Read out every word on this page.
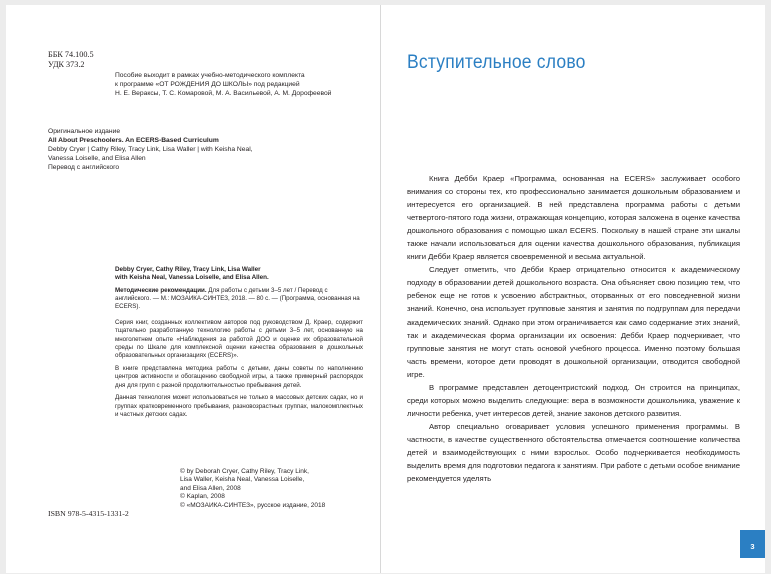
ББК 74.100.5
УДК 373.2
Пособие выходит в рамках учебно-методического комплекта
к программе «ОТ РОЖДЕНИЯ ДО ШКОЛЫ» под редакцией
Н. Е. Вераксы, Т. С. Комаровой, М. А. Васильевой, А. М. Дорофеевой
Оригинальное издание
All About Preschoolers. An ECERS-Based Curriculum
Debby Cryer | Cathy Riley, Tracy Link, Lisa Waller | with Keisha Neal,
Vanessa Loiselle, and Elisa Allen
Перевод с английского
Debby Cryer, Cathy Riley, Tracy Link, Lisa Waller
with Keisha Neal, Vanessa Loiselle, and Elisa Allen.
Методические рекомендации. Для работы с детьми 3–5 лет / Перевод с английского. — М.: МОЗАИКА-СИНТЕЗ, 2018. — 80 с. — (Программа, основанная на ECERS).

Серия книг, созданных коллективом авторов под руководством Д. Краер, содержит тщательно разработанную технологию работы с детьми 3–5 лет, основанную на многолетнем опыте «Наблюдения за работой ДОО и оценке их образовательной среды по Шкале для комплексной оценки качества образования в дошкольных образовательных организациях (ECERS)».

В книге представлена методика работы с детьми, даны советы по наполнению центров активности и обогащению свободной игры, а также примерный распорядок дня для групп с разной продолжительностью пребывания детей.

Данная технология может использоваться не только в массовых детских садах, но и группах кратковременного пребывания, разновозрастных группах, малокомплектных и частных детских садах.

© by Deborah Cryer, Cathy Riley, Tracy Link,
Lisa Waller, Keisha Neal, Vanessa Loiselle,
and Elisa Allen, 2008
© Kaplan, 2008
© «МОЗАИКА-СИНТЕЗ», русское издание, 2018
ISBN 978-5-4315-1331-2
Вступительное слово

Книга Дебби Краер «Программа, основанная на ECERS» заслуживает особого внимания со стороны тех, кто профессионально занимается дошкольным образованием и интересуется его организацией. В ней представлена программа работы с детьми четвертого-пятого года жизни, отражающая концепцию, которая заложена в оценке качества дошкольного образования с помощью шкал ECERS. Поскольку в нашей стране эти шкалы также начали использоваться для оценки качества дошкольного образования, публикация книги Дебби Краер является своевременной и весьма актуальной.

Следует отметить, что Дебби Краер отрицательно относится к академическому подходу в образовании детей дошкольного возраста. Она объясняет свою позицию тем, что ребенок еще не готов к усвоению абстрактных, оторванных от его повседневной жизни знаний. Конечно, она использует групповые занятия и занятия по подгруппам для передачи академических знаний. Однако при этом ограничивается как само содержание этих знаний, так и академическая форма организации их освоения: Дебби Краер подчеркивает, что групповые занятия не могут стать основой учебного процесса. Именно поэтому большая часть времени, которое дети проводят в дошкольной организации, отводится свободной игре.

В программе представлен детоцентристский подход. Он строится на принципах, среди которых можно выделить следующие: вера в возможности дошкольника, уважение к личности ребенка, учет интересов детей, знание законов детского развития.

Автор специально оговаривает условия успешного применения программы. В частности, в качестве существенного обстоятельства отмечается соотношение количества детей и взаимодействующих с ними взрослых. Особо подчеркивается необходимость выделить время для подготовки педагога к занятиям. При работе с детьми особое внимание рекомендуется уделять

3
